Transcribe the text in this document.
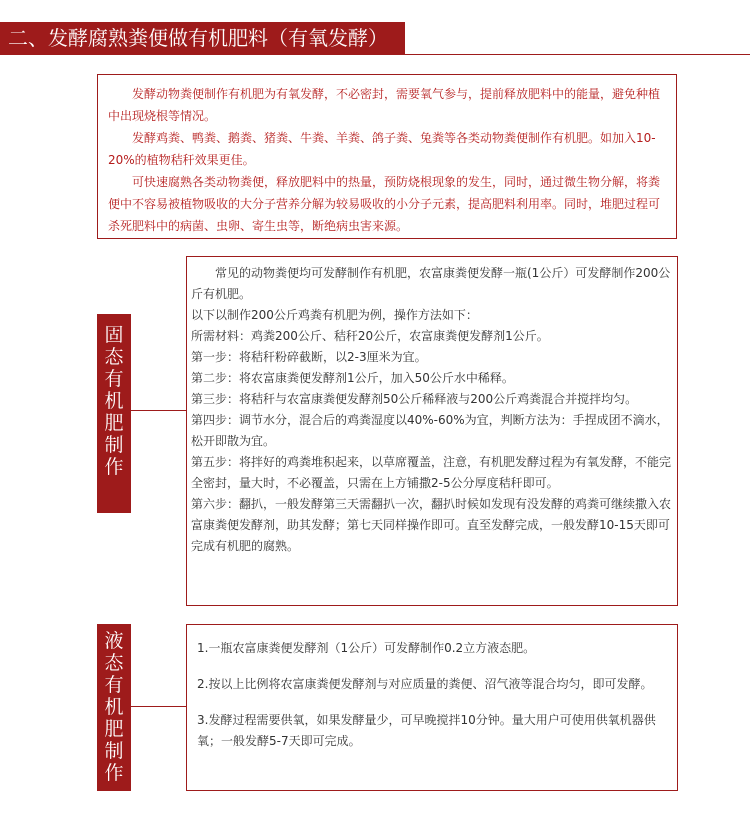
二、发酵腐熟粪便做有机肥料（有氧发酵）

发酵动物粪便制作有机肥为有氧发酵，不必密封，需要氧气参与，提前释放肥料中的能量，避免种植中出现烧根等情况。

发酵鸡粪、鸭粪、鹅粪、猪粪、牛粪、羊粪、鸽子粪、兔粪等各类动物粪便制作有机肥。如加入10-20%的植物秸秆效果更佳。

可快速腐熟各类动物粪便，释放肥料中的热量，预防烧根现象的发生，同时，通过微生物分解，将粪便中不容易被植物吸收的大分子营养分解为较易吸收的小分子元素，提高肥料利用率。同时，堆肥过程可杀死肥料中的病菌、虫卵、寄生虫等，断绝病虫害来源。

固
态
有
机
肥
制
作

常见的动物粪便均可发酵制作有机肥，农富康粪便发酵一瓶(1公斤）可发酵制作200公斤有机肥。

以下以制作200公斤鸡粪有机肥为例，操作方法如下：

所需材料：鸡粪200公斤、秸秆20公斤，农富康粪便发酵剂1公斤。

第一步：将秸秆粉碎截断，以2-3厘米为宜。

第二步：将农富康粪便发酵剂1公斤，加入50公斤水中稀释。

第三步：将秸秆与农富康粪便发酵剂50公斤稀释液与200公斤鸡粪混合并搅拌均匀。

第四步：调节水分，混合后的鸡粪湿度以40%-60%为宜，判断方法为：手捏成团不滴水，松开即散为宜。

第五步：将拌好的鸡粪堆积起来，以草席覆盖，注意，有机肥发酵过程为有氧发酵，不能完全密封，量大时，不必覆盖，只需在上方铺撒2-5公分厚度秸秆即可。

第六步：翻扒，一般发酵第三天需翻扒一次，翻扒时候如发现有没发酵的鸡粪可继续撒入农富康粪便发酵剂，助其发酵；第七天同样操作即可。直至发酵完成，一般发酵10-15天即可完成有机肥的腐熟。

液
态
有
机
肥
制
作

1.一瓶农富康粪便发酵剂（1公斤）可发酵制作0.2立方液态肥。

2.按以上比例将农富康粪便发酵剂与对应质量的粪便、沼气液等混合均匀，即可发酵。

3.发酵过程需要供氧，如果发酵量少，可早晚搅拌10分钟。量大用户可使用供氧机器供氧；一般发酵5-7天即可完成。
